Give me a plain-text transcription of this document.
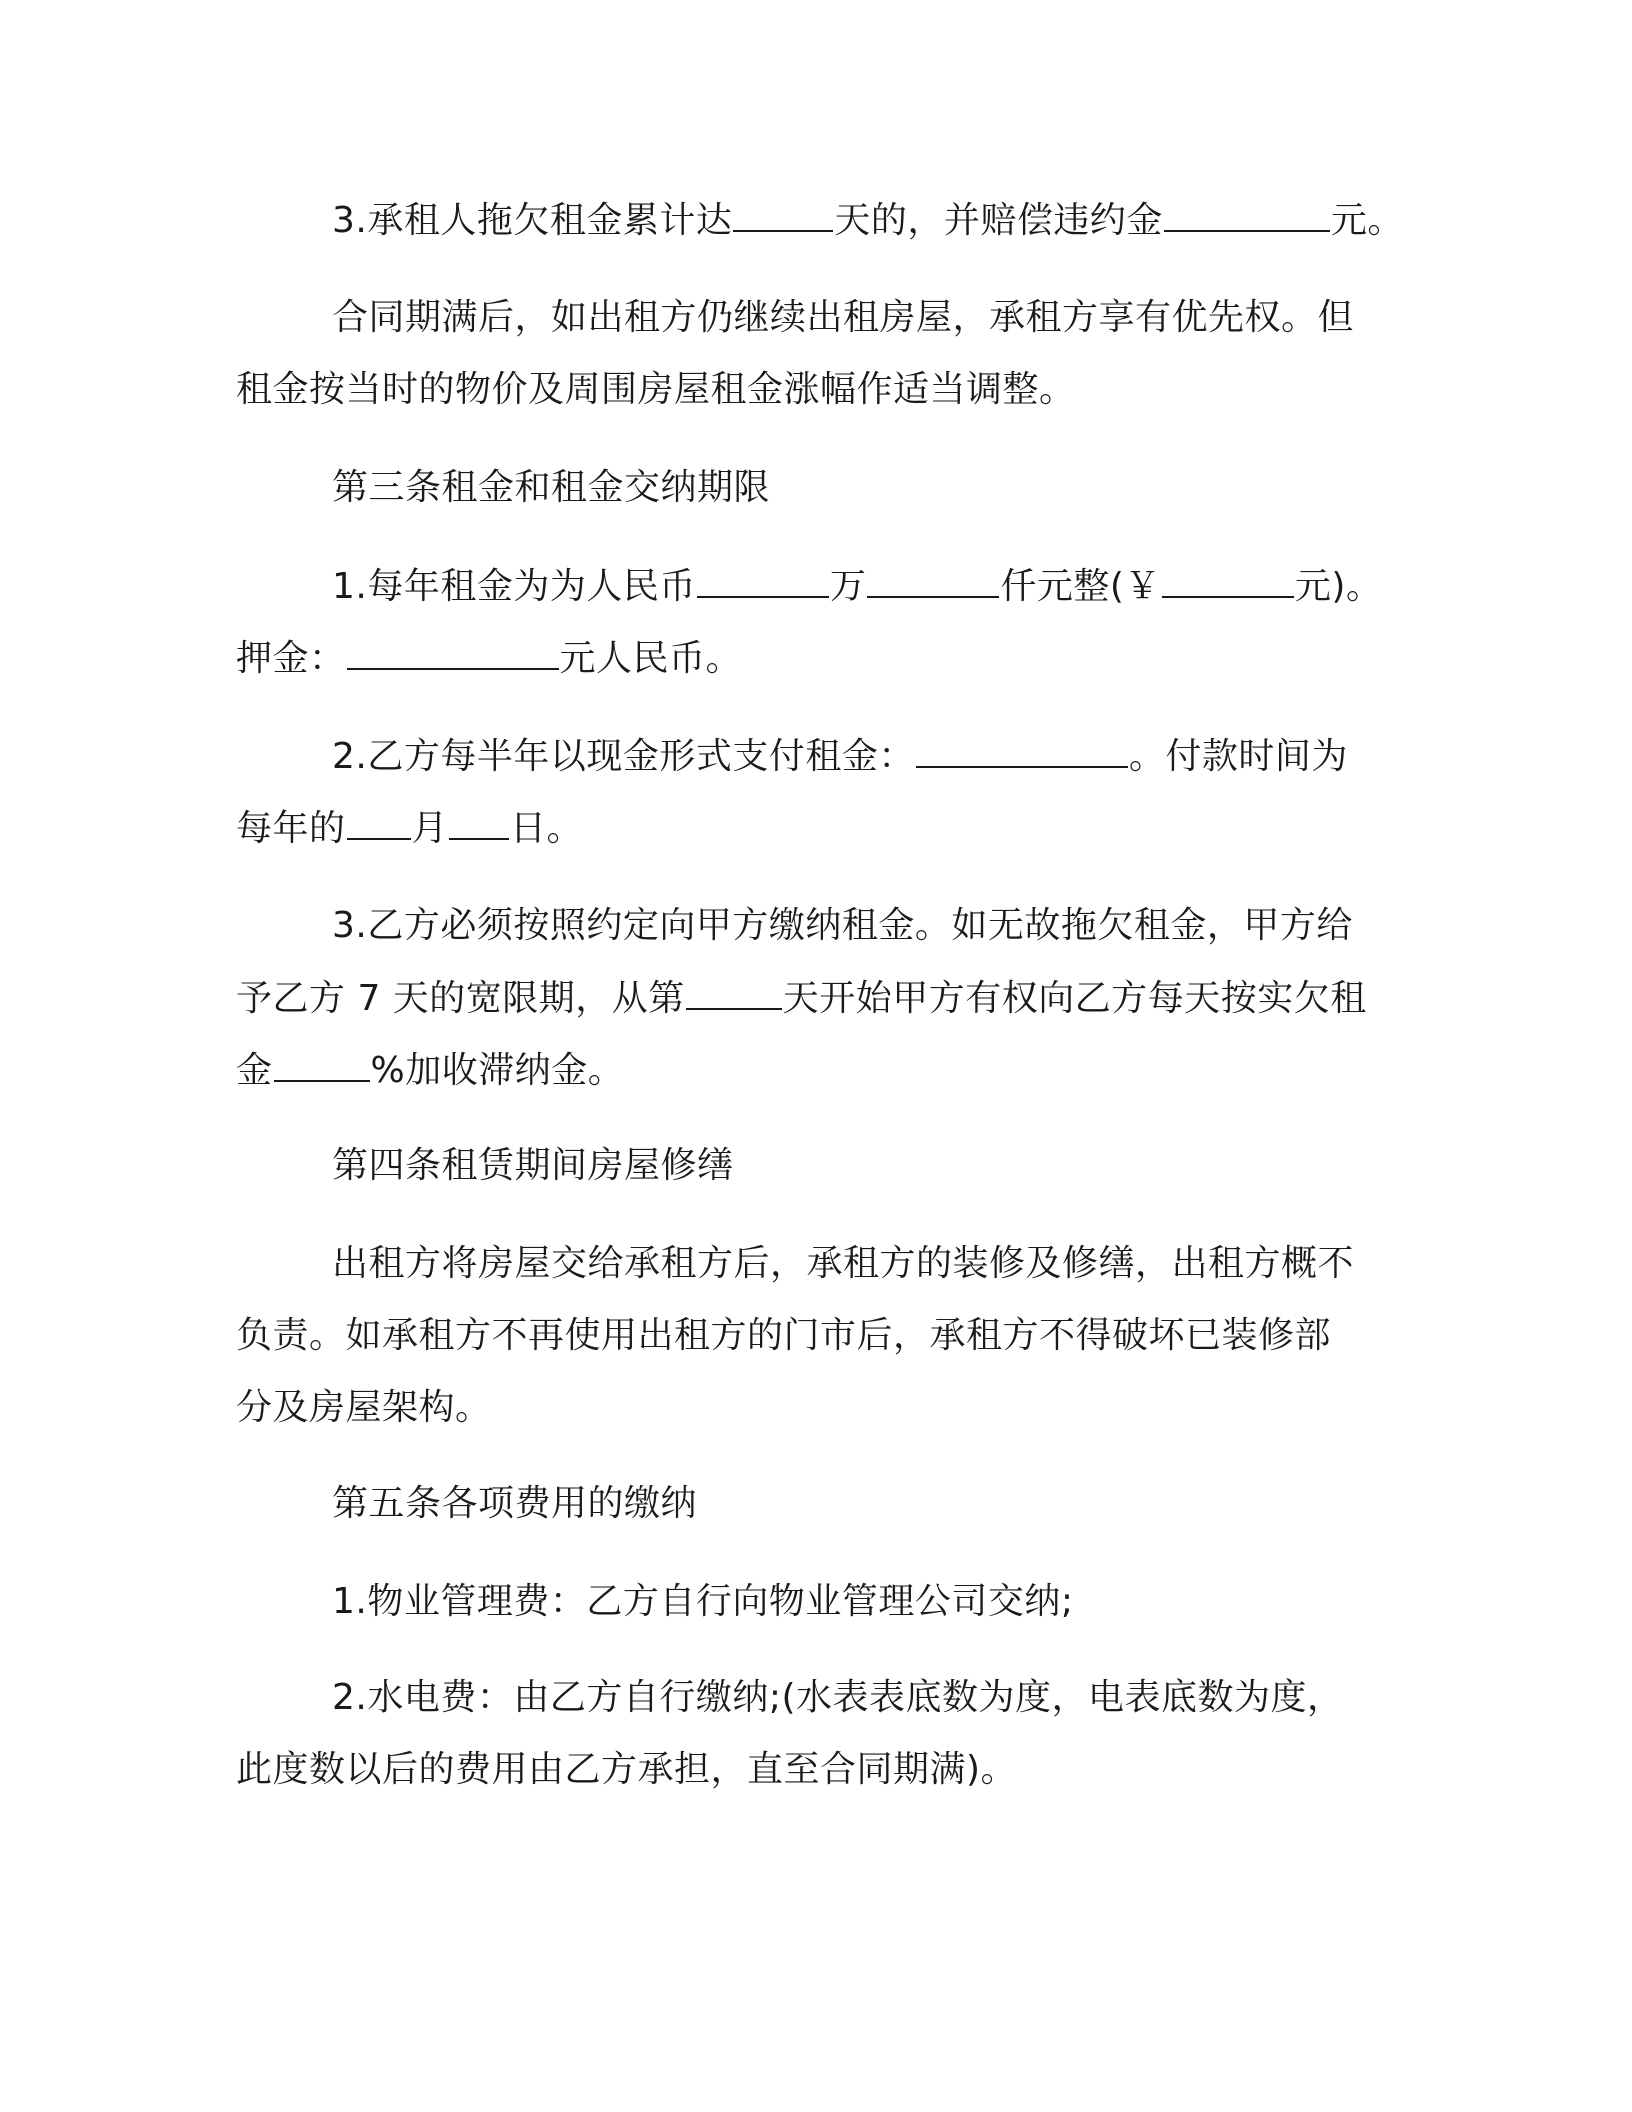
3.承租人拖欠租金累计达	天的，并赔偿违约金	元。
合同期满后，如出租方仍继续出租房屋，承租方享有优先权。但
租金按当时的物价及周围房屋租金涨幅作适当调整。
第三条租金和租金交纳期限
1.每年租金为为人民币	万	仟元整(￥	元)。
押金：	元人民币。
2.乙方每半年以现金形式支付租金：	。付款时间为
每年的 月 日。
3.乙方必须按照约定向甲方缴纳租金。如无故拖欠租金，甲方给
予乙方 7 天的宽限期，从第	天开始甲方有权向乙方每天按实欠租
金	%加收滞纳金。
第四条租赁期间房屋修缮
出租方将房屋交给承租方后，承租方的装修及修缮，出租方概不
负责。如承租方不再使用出租方的门市后，承租方不得破坏已装修部
分及房屋架构。
第五条各项费用的缴纳
1.物业管理费：乙方自行向物业管理公司交纳;
2.水电费：由乙方自行缴纳;(水表表底数为度，电表底数为度，
此度数以后的费用由乙方承担，直至合同期满)。
